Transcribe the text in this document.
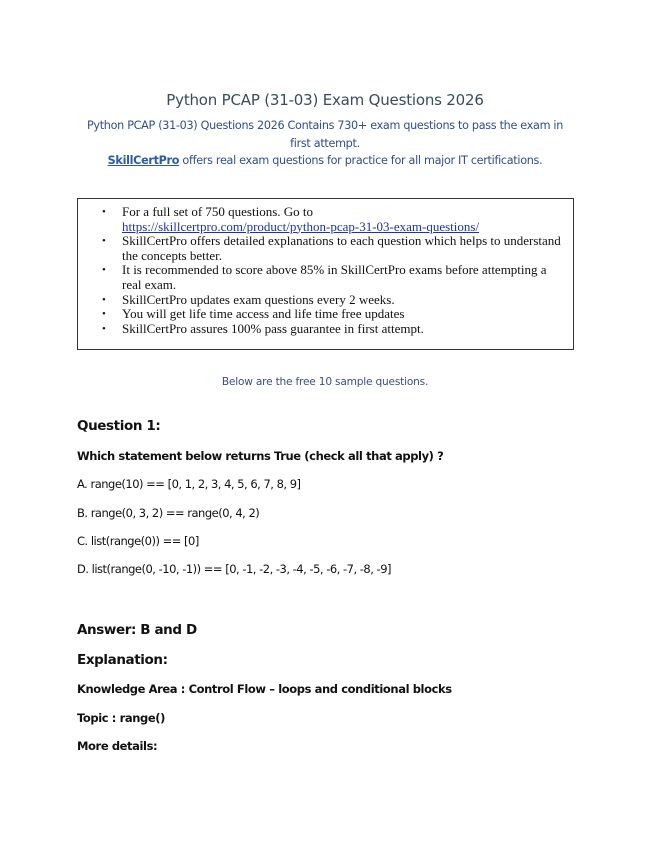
Python PCAP (31-03) Exam Questions 2026
Python PCAP (31-03) Questions 2026 Contains 730+ exam questions to pass the exam in first attempt.
SkillCertPro offers real exam questions for practice for all major IT certifications.
• For a full set of 750 questions. Go to
https://skillcertpro.com/product/python-pcap-31-03-exam-questions/
• SkillCertPro offers detailed explanations to each question which helps to understand the concepts better.
• It is recommended to score above 85% in SkillCertPro exams before attempting a real exam.
• SkillCertPro updates exam questions every 2 weeks.
• You will get life time access and life time free updates
• SkillCertPro assures 100% pass guarantee in first attempt.
Below are the free 10 sample questions.
Question 1:
Which statement below returns True (check all that apply) ?
A. range(10) == [0, 1, 2, 3, 4, 5, 6, 7, 8, 9]
B. range(0, 3, 2) == range(0, 4, 2)
C. list(range(0)) == [0]
D. list(range(0, -10, -1)) == [0, -1, -2, -3, -4, -5, -6, -7, -8, -9]
Answer: B and D
Explanation:
Knowledge Area : Control Flow – loops and conditional blocks
Topic : range()
More details:
